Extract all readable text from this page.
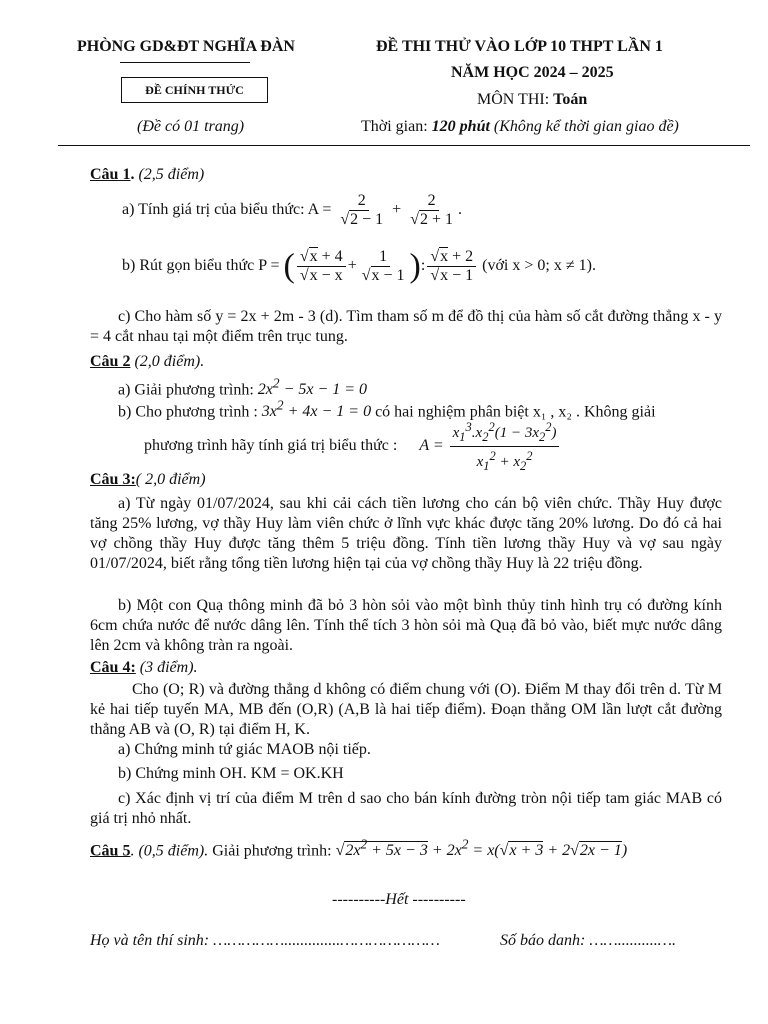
PHÒNG GD&ĐT NGHĨA ĐÀN	ĐỀ THI THỬ VÀO LỚP 10 THPT LẦN 1
NĂM HỌC 2024 – 2025
ĐỀ CHÍNH THỨC
MÔN THI: Toán
(Đề có 01 trang)	Thời gian: 120 phút (Không kể thời gian giao đề)
Câu 1. (2,5 điểm)
a) Tính giá trị của biểu thức: $A = \frac{2}{√2 - 1} + \frac{2}{√2 + 1}$ .
b) Rút gọn biểu thức P = ( $\frac{√x + 4}{√x - x} + \frac{1}{√x - 1}$ ): $\frac{√x + 2}{√x - 1}$ (với x > 0; x ≠ 1).
c) Cho hàm số y = 2x + 2m - 3 (d). Tìm tham số m để đồ thị của hàm số cắt đường thẳng x - y = 4 cắt nhau tại một điểm trên trục tung.
Câu 2 (2,0 điểm).
a) Giải phương trình: $2x^2 - 5x - 1 = 0$
b) Cho phương trình : $3x^2 + 4x - 1 = 0$ có hai nghiệm phân biệt x₁ , x₂ . Không giải
phương trình hãy tính giá trị biểu thức : $A = \frac{x_1^3.x_2^2(1 - 3x_2^2)}{x_1^2 + x_2^2}$
Câu 3:( 2,0 điểm)
a) Từ ngày 01/07/2024, sau khi cải cách tiền lương cho cán bộ viên chức. Thầy Huy được tăng 25% lương, vợ thầy Huy làm viên chức ở lĩnh vực khác được tăng 20% lương. Do đó cả hai vợ chồng thầy Huy được tăng thêm 5 triệu đồng. Tính tiền lương thầy Huy và vợ sau ngày 01/07/2024, biết rằng tổng tiền lương hiện tại của vợ chồng thầy Huy là 22 triệu đồng.
b) Một con Quạ thông minh đã bỏ 3 hòn sỏi vào một bình thủy tinh hình trụ có đường kính 6cm chứa nước để nước dâng lên. Tính thể tích 3 hòn sỏi mà Quạ đã bỏ vào, biết mực nước dâng lên 2cm và không tràn ra ngoài.
Câu 4: (3 điểm).
Cho (O; R) và đường thẳng d không có điểm chung với (O). Điểm M thay đổi trên d. Từ M kẻ hai tiếp tuyến MA, MB đến (O,R) (A,B là hai tiếp điểm). Đoạn thẳng OM lần lượt cắt đường thẳng AB và (O, R) tại điểm H, K.
a) Chứng minh tứ giác MAOB nội tiếp.
b) Chứng minh OH. KM = OK.KH
c) Xác định vị trí của điểm M trên d sao cho bán kính đường tròn nội tiếp tam giác MAB có giá trị nhỏ nhất.
Câu 5. (0,5 điểm). Giải phương trình: $√2x^2 + 5x - 3 + 2x^2 = x(√x + 3 + 2√2x - 1)$
----------Hết ----------
Họ và tên thí sinh: ……………..............…………………	Số báo danh: ……..........….
